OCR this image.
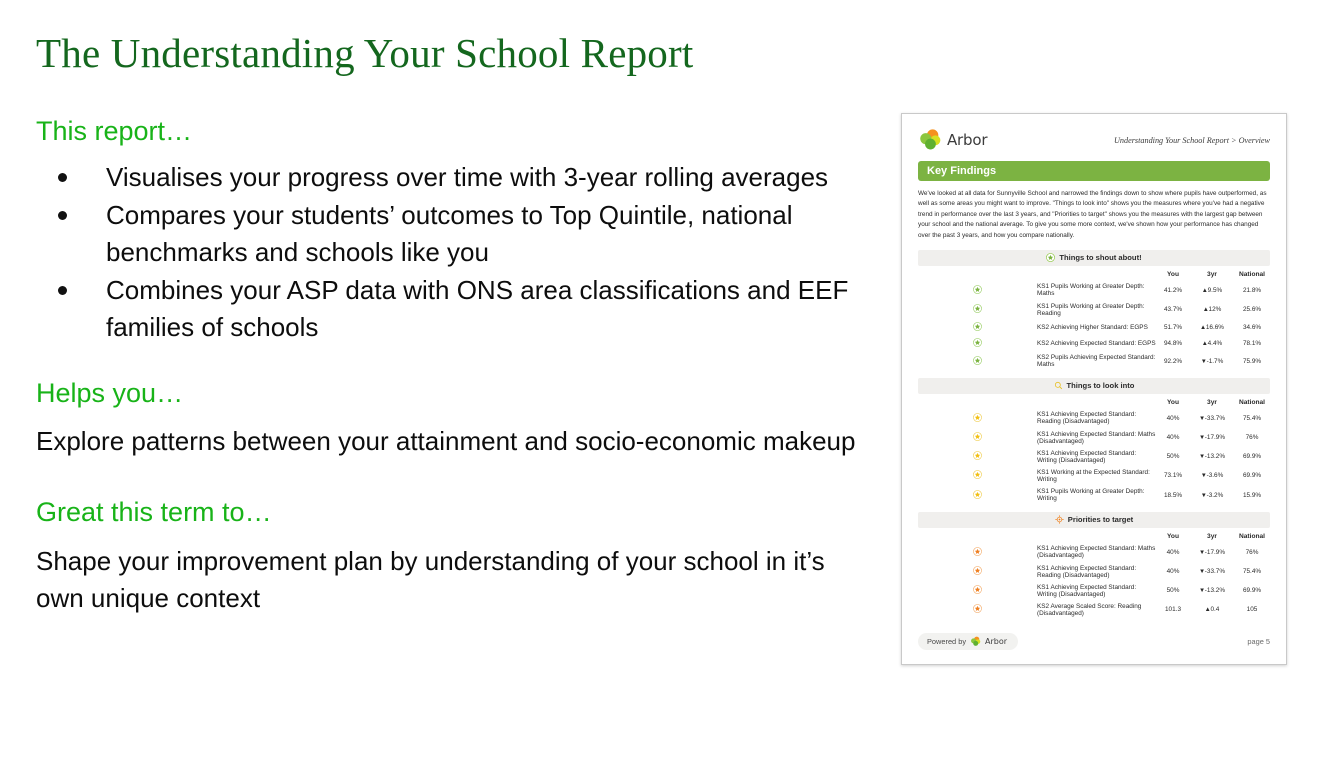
The Understanding Your School Report
This report…
Visualises your progress over time with 3-year rolling averages
Compares your students’ outcomes to Top Quintile, national benchmarks and schools like you
Combines your ASP data with ONS area classifications and EEF families of schools
Helps you…

Explore patterns between your attainment and socio-economic makeup

Great this term to…

Shape your improvement plan by understanding of your school in it’s own unique context

Arbor	Understanding Your School Report > Overview
Key Findings
We've looked at all data for Sunnyville School and narrowed the findings down to show where pupils have outperformed, as well as some areas you might want to improve. "Things to look into" shows you the measures where you've had a negative trend in performance over the last 3 years, and "Priorities to target" shows you the measures with the largest gap between your school and the national average. To give you some more context, we've shown how your performance has changed over the past 3 years, and how you compare nationally.
Things to shout about!
		You	3yr	National
	KS1 Pupils Working at Greater Depth: Maths	41.2%	▲9.5%	21.8%
	KS1 Pupils Working at Greater Depth: Reading	43.7%	▲12%	25.6%
	KS2 Achieving Higher Standard: EGPS	51.7%	▲16.6%	34.6%
	KS2 Achieving Expected Standard: EGPS	94.8%	▲4.4%	78.1%
	KS2 Pupils Achieving Expected Standard: Maths	92.2%	▼-1.7%	75.9%
Things to look into
		You	3yr	National
	KS1 Achieving Expected Standard: Reading (Disadvantaged)	40%	▼-33.7%	75.4%
	KS1 Achieving Expected Standard: Maths (Disadvantaged)	40%	▼-17.9%	76%
	KS1 Achieving Expected Standard: Writing (Disadvantaged)	50%	▼-13.2%	69.9%
	KS1 Working at the Expected Standard: Writing	73.1%	▼-3.6%	69.9%
	KS1 Pupils Working at Greater Depth: Writing	18.5%	▼-3.2%	15.9%
Priorities to target
		You	3yr	National
	KS1 Achieving Expected Standard: Maths (Disadvantaged)	40%	▼-17.9%	76%
	KS1 Achieving Expected Standard: Reading (Disadvantaged)	40%	▼-33.7%	75.4%
	KS1 Achieving Expected Standard: Writing (Disadvantaged)	50%	▼-13.2%	69.9%
	KS2 Average Scaled Score: Reading (Disadvantaged)	101.3	▲0.4	105
Powered by Arbor	page 5
